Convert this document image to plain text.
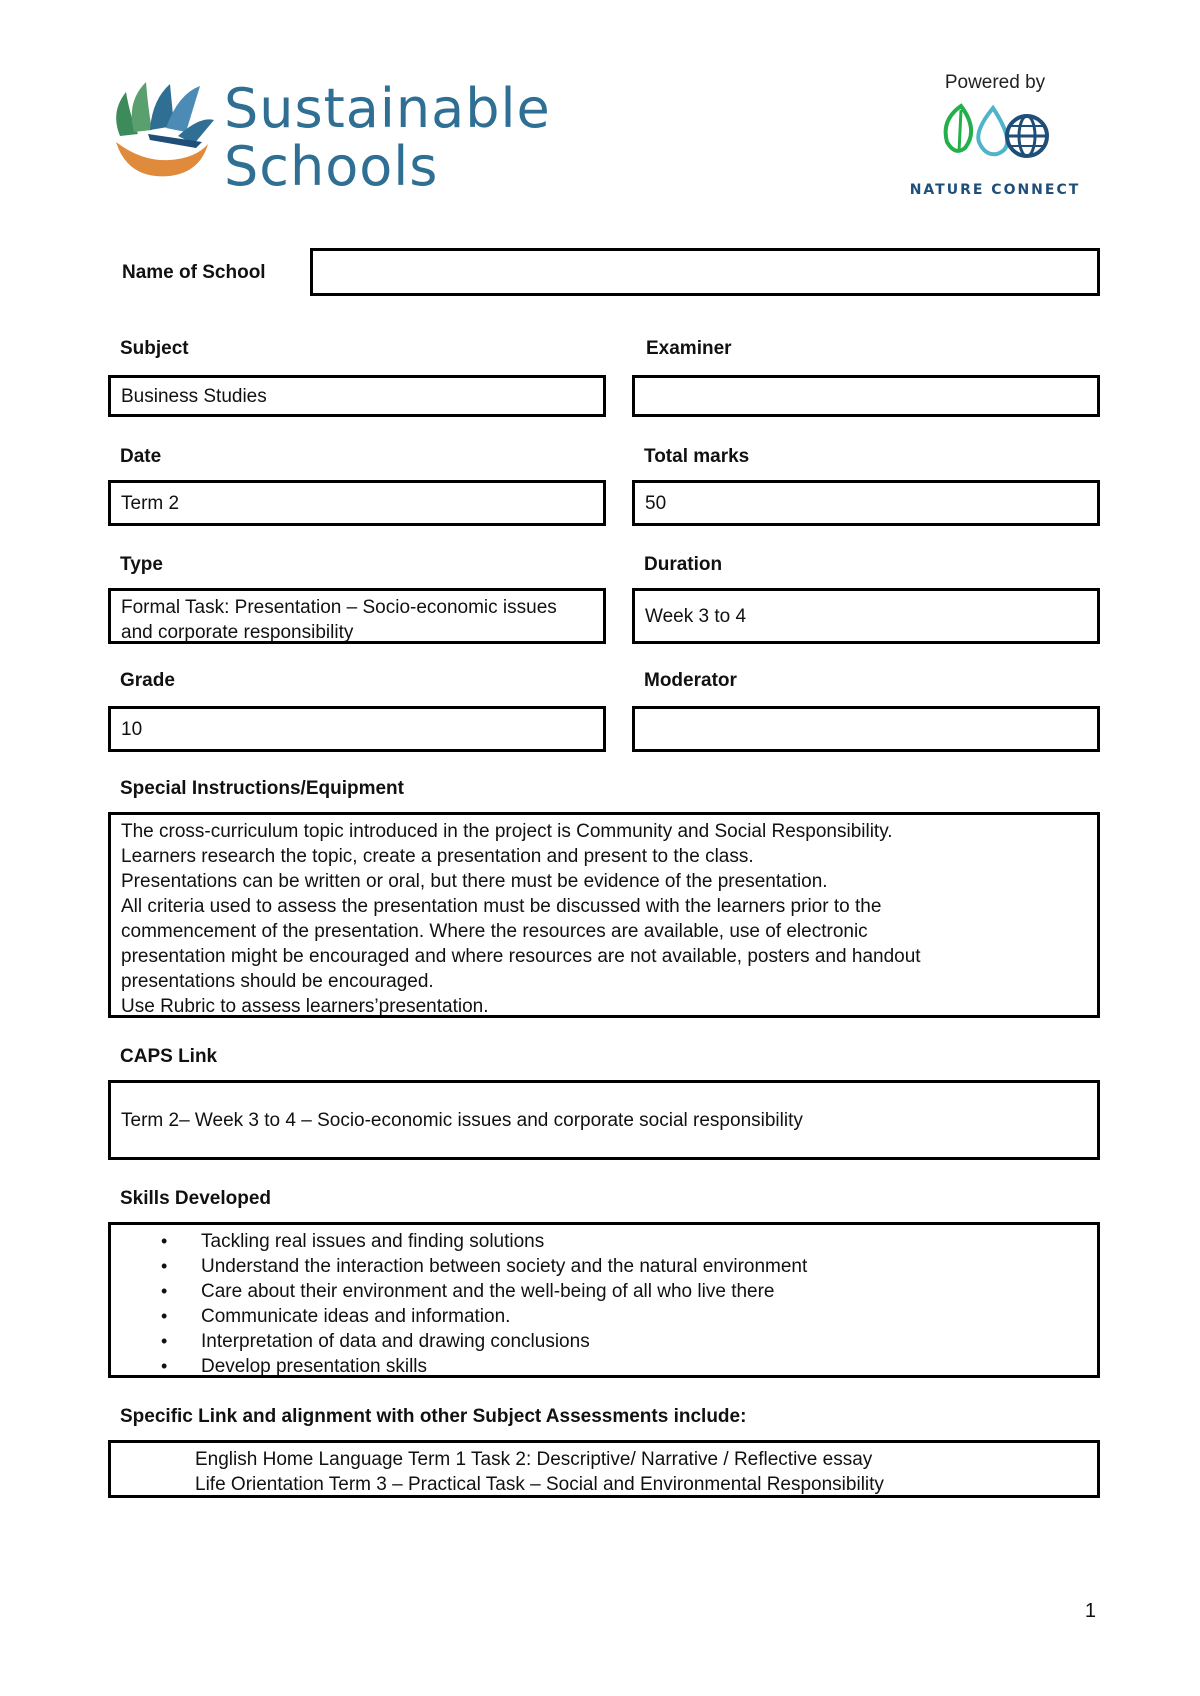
Sustainable
Schools
Powered by
NATURE CONNECT
Name of School
Subject	Examiner
Business Studies
Date	Total marks
Term 2	50
Type	Duration
Formal Task: Presentation – Socio-economic issues and corporate responsibility
Week 3 to 4
Grade	Moderator
10
Special Instructions/Equipment
The cross-curriculum topic introduced in the project is Community and Social Responsibility.
Learners research the topic, create a presentation and present to the class.
Presentations can be written or oral, but there must be evidence of the presentation.
All criteria used to assess the presentation must be discussed with the learners prior to the
commencement of the presentation. Where the resources are available, use of electronic
presentation might be encouraged and where resources are not available, posters and handout
presentations should be encouraged.
Use Rubric to assess learners’presentation.
CAPS Link
Term 2– Week 3 to 4 – Socio-economic issues and corporate social responsibility
Skills Developed
• Tackling real issues and finding solutions
• Understand the interaction between society and the natural environment
• Care about their environment and the well-being of all who live there
• Communicate ideas and information.
• Interpretation of data and drawing conclusions
• Develop presentation skills
Specific Link and alignment with other Subject Assessments include:
English Home Language Term 1 Task 2: Descriptive/ Narrative / Reflective essay
Life Orientation Term 3 – Practical Task – Social and Environmental Responsibility
1
